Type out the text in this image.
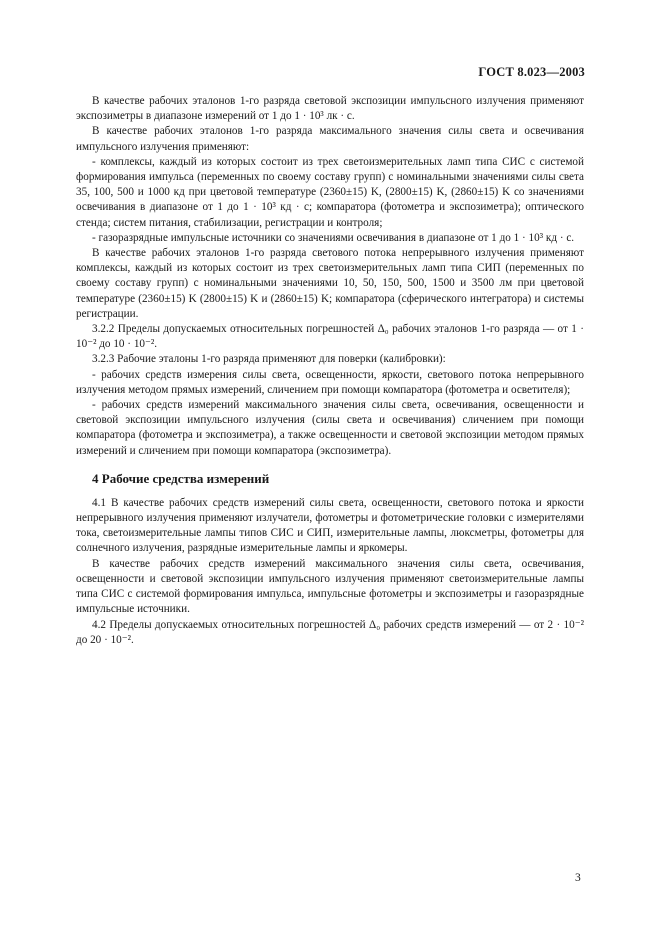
ГОСТ 8.023—2003

В качестве рабочих эталонов 1-го разряда световой экспозиции импульсного излучения применяют экспозиметры в диапазоне измерений от 1 до 1 · 10³ лк · с.

В качестве рабочих эталонов 1-го разряда максимального значения силы света и освечивания импульсного излучения применяют:

- комплексы, каждый из которых состоит из трех светоизмерительных ламп типа СИС с системой формирования импульса (переменных по своему составу групп) с номинальными значениями силы света 35, 100, 500 и 1000 кд при цветовой температуре (2360±15) K, (2800±15) K, (2860±15) K со значениями освечивания в диапазоне от 1 до 1 · 10³ кд · с; компаратора (фотометра и экспозиметра); оптического стенда; систем питания, стабилизации, регистрации и контроля;

- газоразрядные импульсные источники со значениями освечивания в диапазоне от 1 до 1 · 10³ кд · с.

В качестве рабочих эталонов 1-го разряда светового потока непрерывного излучения применяют комплексы, каждый из которых состоит из трех светоизмерительных ламп типа СИП (переменных по своему составу групп) с номинальными значениями 10, 50, 150, 500, 1500 и 3500 лм при цветовой температуре (2360±15) K (2800±15) K и (2860±15) K; компаратора (сферического интегратора) и системы регистрации.

3.2.2 Пределы допускаемых относительных погрешностей Δ₀ рабочих эталонов 1-го разряда — от 1 · 10⁻² до 10 · 10⁻².

3.2.3 Рабочие эталоны 1-го разряда применяют для поверки (калибровки):

- рабочих средств измерения силы света, освещенности, яркости, светового потока непрерывного излучения методом прямых измерений, сличением при помощи компаратора (фотометра и осветителя);

- рабочих средств измерений максимального значения силы света, освечивания, освещенности и световой экспозиции импульсного излучения (силы света и освечивания) сличением при помощи компаратора (фотометра и экспозиметра), а также освещенности и световой экспозиции методом прямых измерений и сличением при помощи компаратора (экспозиметра).

4 Рабочие средства измерений

4.1 В качестве рабочих средств измерений силы света, освещенности, светового потока и яркости непрерывного излучения применяют излучатели, фотометры и фотометрические головки с измерителями тока, светоизмерительные лампы типов СИС и СИП, измерительные лампы, люксметры, фотометры для солнечного излучения, разрядные измерительные лампы и яркомеры.

В качестве рабочих средств измерений максимального значения силы света, освечивания, освещенности и световой экспозиции импульсного излучения применяют светоизмерительные лампы типа СИС с системой формирования импульса, импульсные фотометры и экспозиметры и газоразрядные импульсные источники.

4.2 Пределы допускаемых относительных погрешностей Δ₀ рабочих средств измерений — от 2 · 10⁻² до 20 · 10⁻².

3
